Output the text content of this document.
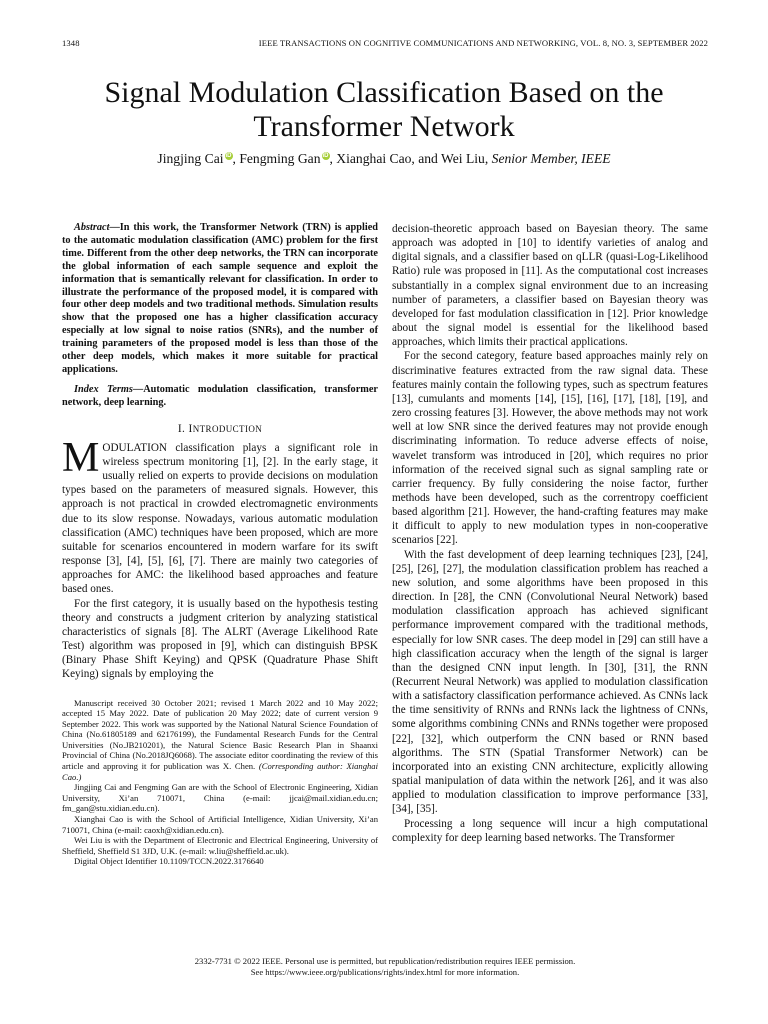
1348	IEEE TRANSACTIONS ON COGNITIVE COMMUNICATIONS AND NETWORKING, VOL. 8, NO. 3, SEPTEMBER 2022
Signal Modulation Classification Based on the Transformer Network
Jingjing Cai iD, Fengming Gan iD, Xianghai Cao, and Wei Liu, Senior Member, IEEE

Abstract—In this work, the Transformer Network (TRN) is applied to the automatic modulation classification (AMC) problem for the first time. Different from the other deep networks, the TRN can incorporate the global information of each sample sequence and exploit the information that is semantically relevant for classification. In order to illustrate the performance of the proposed model, it is compared with four other deep models and two traditional methods. Simulation results show that the proposed one has a higher classification accuracy especially at low signal to noise ratios (SNRs), and the number of training parameters of the proposed model is less than those of the other deep models, which makes it more suitable for practical applications.

Index Terms—Automatic modulation classification, transformer network, deep learning.

I. INTRODUCTION

MODULATION classification plays a significant role in wireless spectrum monitoring [1], [2]. In the early stage, it usually relied on experts to provide decisions on modulation types based on the parameters of measured signals. However, this approach is not practical in crowded electromagnetic environments due to its slow response. Nowadays, various automatic modulation classification (AMC) techniques have been proposed, which are more suitable for scenarios encountered in modern warfare for its swift response [3], [4], [5], [6], [7]. There are mainly two categories of approaches for AMC: the likelihood based approaches and feature based ones.

For the first category, it is usually based on the hypothesis testing theory and constructs a judgment criterion by analyzing statistical characteristics of signals [8]. The ALRT (Average Likelihood Rate Test) algorithm was proposed in [9], which can distinguish BPSK (Binary Phase Shift Keying) and QPSK (Quadrature Phase Shift Keying) signals by employing the

Manuscript received 30 October 2021; revised 1 March 2022 and 10 May 2022; accepted 15 May 2022. Date of publication 20 May 2022; date of current version 9 September 2022. This work was supported by the National Natural Science Foundation of China (No.61805189 and 62176199), the Fundamental Research Funds for the Central Universities (No.JB210201), the Natural Science Basic Research Plan in Shaanxi Provincial of China (No.2018JQ6068). The associate editor coordinating the review of this article and approving it for publication was X. Chen. (Corresponding author: Xianghai Cao.)

Jingjing Cai and Fengming Gan are with the School of Electronic Engineering, Xidian University, Xi’an 710071, China (e-mail: jjcai@mail.xidian.edu.cn; fm_gan@stu.xidian.edu.cn).

Xianghai Cao is with the School of Artificial Intelligence, Xidian University, Xi’an 710071, China (e-mail: caoxh@xidian.edu.cn).

Wei Liu is with the Department of Electronic and Electrical Engineering, University of Sheffield, Sheffield S1 3JD, U.K. (e-mail: w.liu@sheffield.ac.uk).

Digital Object Identifier 10.1109/TCCN.2022.3176640

decision-theoretic approach based on Bayesian theory. The same approach was adopted in [10] to identify varieties of analog and digital signals, and a classifier based on qLLR (quasi-Log-Likelihood Ratio) rule was proposed in [11]. As the computational cost increases substantially in a complex signal environment due to an increasing number of parameters, a classifier based on Bayesian theory was developed for fast modulation classification in [12]. Prior knowledge about the signal model is essential for the likelihood based approaches, which limits their practical applications.

For the second category, feature based approaches mainly rely on discriminative features extracted from the raw signal data. These features mainly contain the following types, such as spectrum features [13], cumulants and moments [14], [15], [16], [17], [18], [19], and zero crossing features [3]. However, the above methods may not work well at low SNR since the derived features may not provide enough discriminating information. To reduce adverse effects of noise, wavelet transform was introduced in [20], which requires no prior information of the received signal such as signal sampling rate or carrier frequency. By fully considering the noise factor, further methods have been developed, such as the correntropy coefficient based algorithm [21]. However, the hand-crafting features may make it difficult to apply to new modulation types in non-cooperative scenarios [22].

With the fast development of deep learning techniques [23], [24], [25], [26], [27], the modulation classification problem has reached a new solution, and some algorithms have been proposed in this direction. In [28], the CNN (Convolutional Neural Network) based modulation classification approach has achieved significant performance improvement compared with the traditional methods, especially for low SNR cases. The deep model in [29] can still have a high classification accuracy when the length of the signal is larger than the designed CNN input length. In [30], [31], the RNN (Recurrent Neural Network) was applied to modulation classification with a satisfactory classification performance achieved. As CNNs lack the time sensitivity of RNNs and RNNs lack the lightness of CNNs, some algorithms combining CNNs and RNNs together were proposed [22], [32], which outperform the CNN based or RNN based algorithms. The STN (Spatial Transformer Network) can be incorporated into an existing CNN architecture, explicitly allowing spatial manipulation of data within the network [26], and it was also applied to modulation classification to improve performance [33], [34], [35].

Processing a long sequence will incur a high computational complexity for deep learning based networks. The Transformer

2332-7731 © 2022 IEEE. Personal use is permitted, but republication/redistribution requires IEEE permission.
See https://www.ieee.org/publications/rights/index.html for more information.
